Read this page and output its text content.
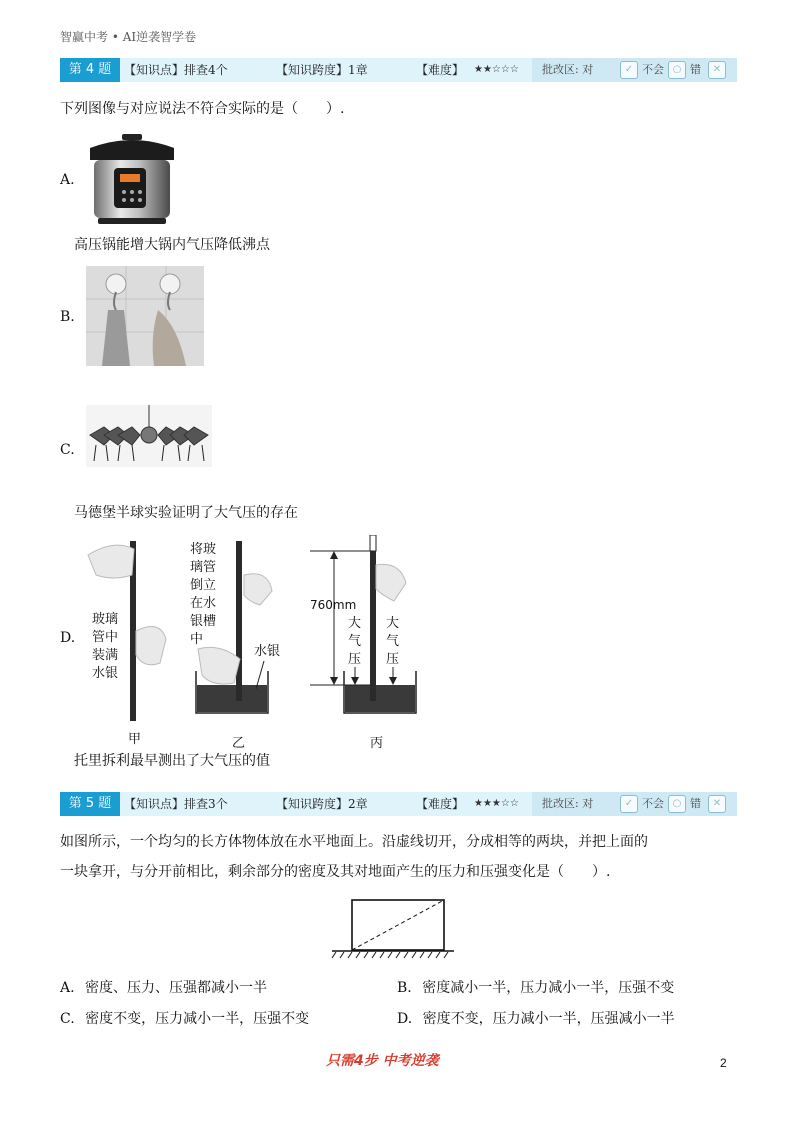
智赢中考 • AI逆袭智学卷
第 4 题	【知识点】排查4个	【知识跨度】1章	【难度】 ★★☆☆☆ 批改区: 对	✓ 不会 ○ 错	✕
下列图像与对应说法不符合实际的是（　　）.
A.
高压锅能增大锅内气压降低沸点
B.
C.
马德堡半球实验证明了大气压的存在
D.
玻璃
管中
装满
水银
甲
将玻
璃管
倒立
在水
银槽
中
水银
乙
760mm
大
气
压
大
气
压
丙
托里拆利最早测出了大气压的值
第 5 题	【知识点】排查3个	【知识跨度】2章	【难度】 ★★★☆☆ 批改区: 对	✓ 不会 ○ 错	✕
如图所示，一个均匀的长方体物体放在水平地面上。沿虚线切开，分成相等的两块，并把上面的
一块拿开，与分开前相比，剩余部分的密度及其对地面产生的压力和压强变化是（　　）.
A. 密度、压力、压强都减小一半	B. 密度减小一半，压力减小一半，压强不变
C. 密度不变，压力减小一半，压强不变	D. 密度不变，压力减小一半，压强减小一半
只需4步 中考逆袭	2
